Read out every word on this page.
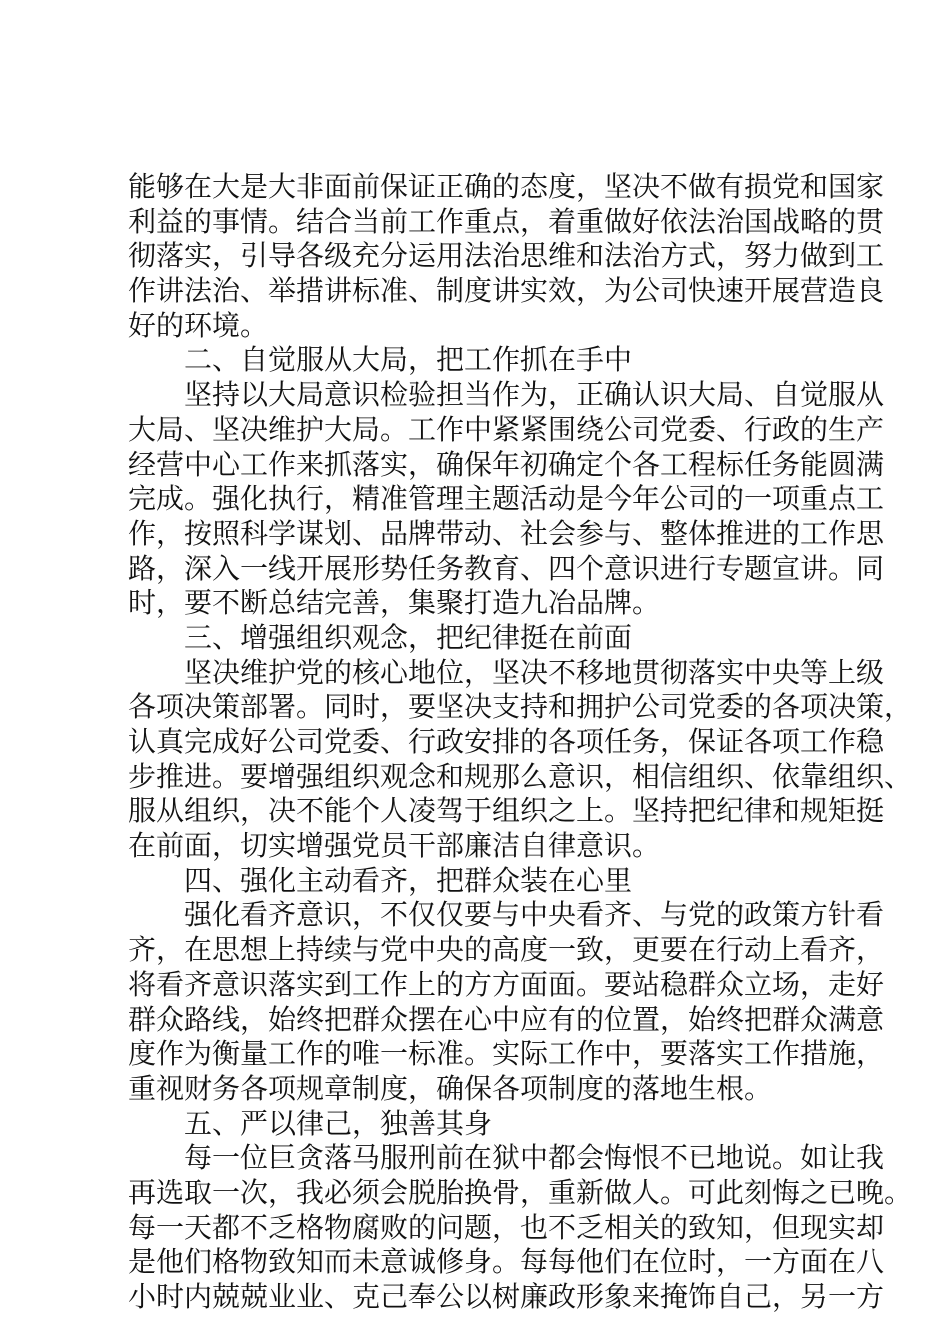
能够在大是大非面前保证正确的态度，坚决不做有损党和国家
利益的事情。结合当前工作重点，着重做好依法治国战略的贯
彻落实，引导各级充分运用法治思维和法治方式，努力做到工
作讲法治、举措讲标准、制度讲实效，为公司快速开展营造良
好的环境。
二、自觉服从大局，把工作抓在手中
坚持以大局意识检验担当作为，正确认识大局、自觉服从
大局、坚决维护大局。工作中紧紧围绕公司党委、行政的生产
经营中心工作来抓落实，确保年初确定个各工程标任务能圆满
完成。强化执行，精准管理主题活动是今年公司的一项重点工
作，按照科学谋划、品牌带动、社会参与、整体推进的工作思
路，深入一线开展形势任务教育、四个意识进行专题宣讲。同
时，要不断总结完善，集聚打造九冶品牌。
三、增强组织观念，把纪律挺在前面
坚决维护党的核心地位，坚决不移地贯彻落实中央等上级
各项决策部署。同时，要坚决支持和拥护公司党委的各项决策，
认真完成好公司党委、行政安排的各项任务，保证各项工作稳
步推进。要增强组织观念和规那么意识，相信组织、依靠组织、
服从组织，决不能个人凌驾于组织之上。坚持把纪律和规矩挺
在前面，切实增强党员干部廉洁自律意识。
四、强化主动看齐，把群众装在心里
强化看齐意识，不仅仅要与中央看齐、与党的政策方针看
齐，在思想上持续与党中央的高度一致，更要在行动上看齐，
将看齐意识落实到工作上的方方面面。要站稳群众立场，走好
群众路线，始终把群众摆在心中应有的位置，始终把群众满意
度作为衡量工作的唯一标准。实际工作中，要落实工作措施，
重视财务各项规章制度，确保各项制度的落地生根。
五、严以律己，独善其身
每一位巨贪落马服刑前在狱中都会悔恨不已地说。如让我
再选取一次，我必须会脱胎换骨，重新做人。可此刻悔之已晚。
每一天都不乏格物腐败的问题，也不乏相关的致知，但现实却
是他们格物致知而未意诚修身。每每他们在位时，一方面在八
小时内兢兢业业、克己奉公以树廉政形象来掩饰自己，另一方
